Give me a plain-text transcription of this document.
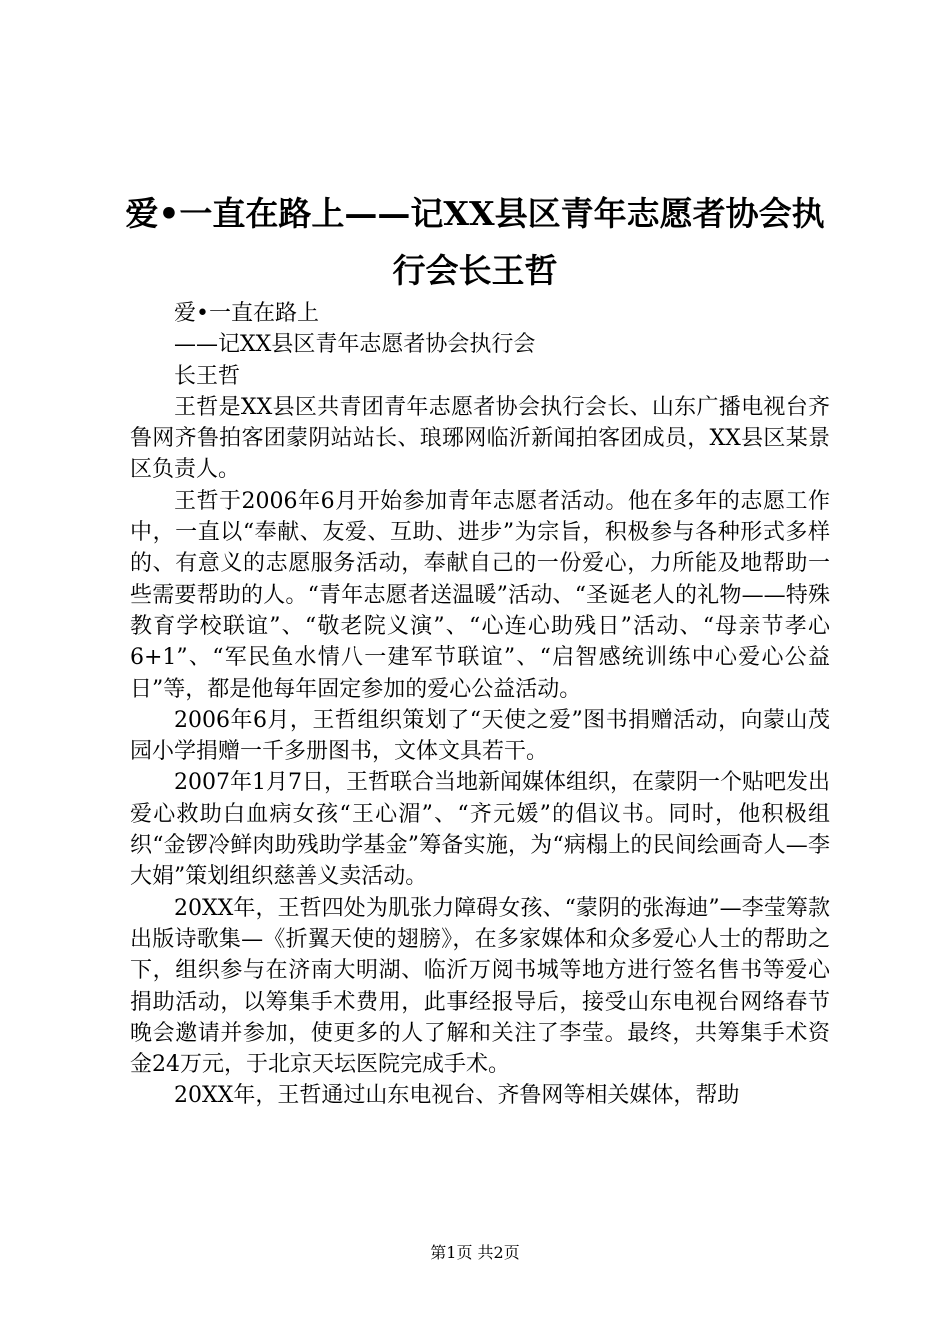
爱•一直在路上——记XX县区青年志愿者协会执行会长王哲

爱•一直在路上

——记XX县区青年志愿者协会执行会

长王哲

王哲是XX县区共青团青年志愿者协会执行会长、山东广播电视台齐鲁网齐鲁拍客团蒙阴站站长、琅琊网临沂新闻拍客团成员，XX县区某景区负责人。

王哲于2006年6月开始参加青年志愿者活动。他在多年的志愿工作中，一直以“奉献、友爱、互助、进步”为宗旨，积极参与各种形式多样的、有意义的志愿服务活动，奉献自己的一份爱心，力所能及地帮助一些需要帮助的人。“青年志愿者送温暖”活动、“圣诞老人的礼物——特殊教育学校联谊”、“敬老院义演”、“心连心助残日”活动、“母亲节孝心6+1”、“军民鱼水情八一建军节联谊”、“启智感统训练中心爱心公益日”等，都是他每年固定参加的爱心公益活动。

2006年6月，王哲组织策划了“天使之爱”图书捐赠活动，向蒙山茂园小学捐赠一千多册图书，文体文具若干。

2007年1月7日，王哲联合当地新闻媒体组织，在蒙阴一个贴吧发出爱心救助白血病女孩“王心湄”、“齐元媛”的倡议书。同时，他积极组织“金锣冷鲜肉助残助学基金”筹备实施，为“病榻上的民间绘画奇人—李大娟”策划组织慈善义卖活动。

20XX年，王哲四处为肌张力障碍女孩、“蒙阴的张海迪”—李莹筹款出版诗歌集—《折翼天使的翅膀》，在多家媒体和众多爱心人士的帮助之下，组织参与在济南大明湖、临沂万阅书城等地方进行签名售书等爱心捐助活动，以筹集手术费用，此事经报导后，接受山东电视台网络春节晚会邀请并参加，使更多的人了解和关注了李莹。最终，共筹集手术资金24万元，于北京天坛医院完成手术。

20XX年，王哲通过山东电视台、齐鲁网等相关媒体，帮助

第1页 共2页
